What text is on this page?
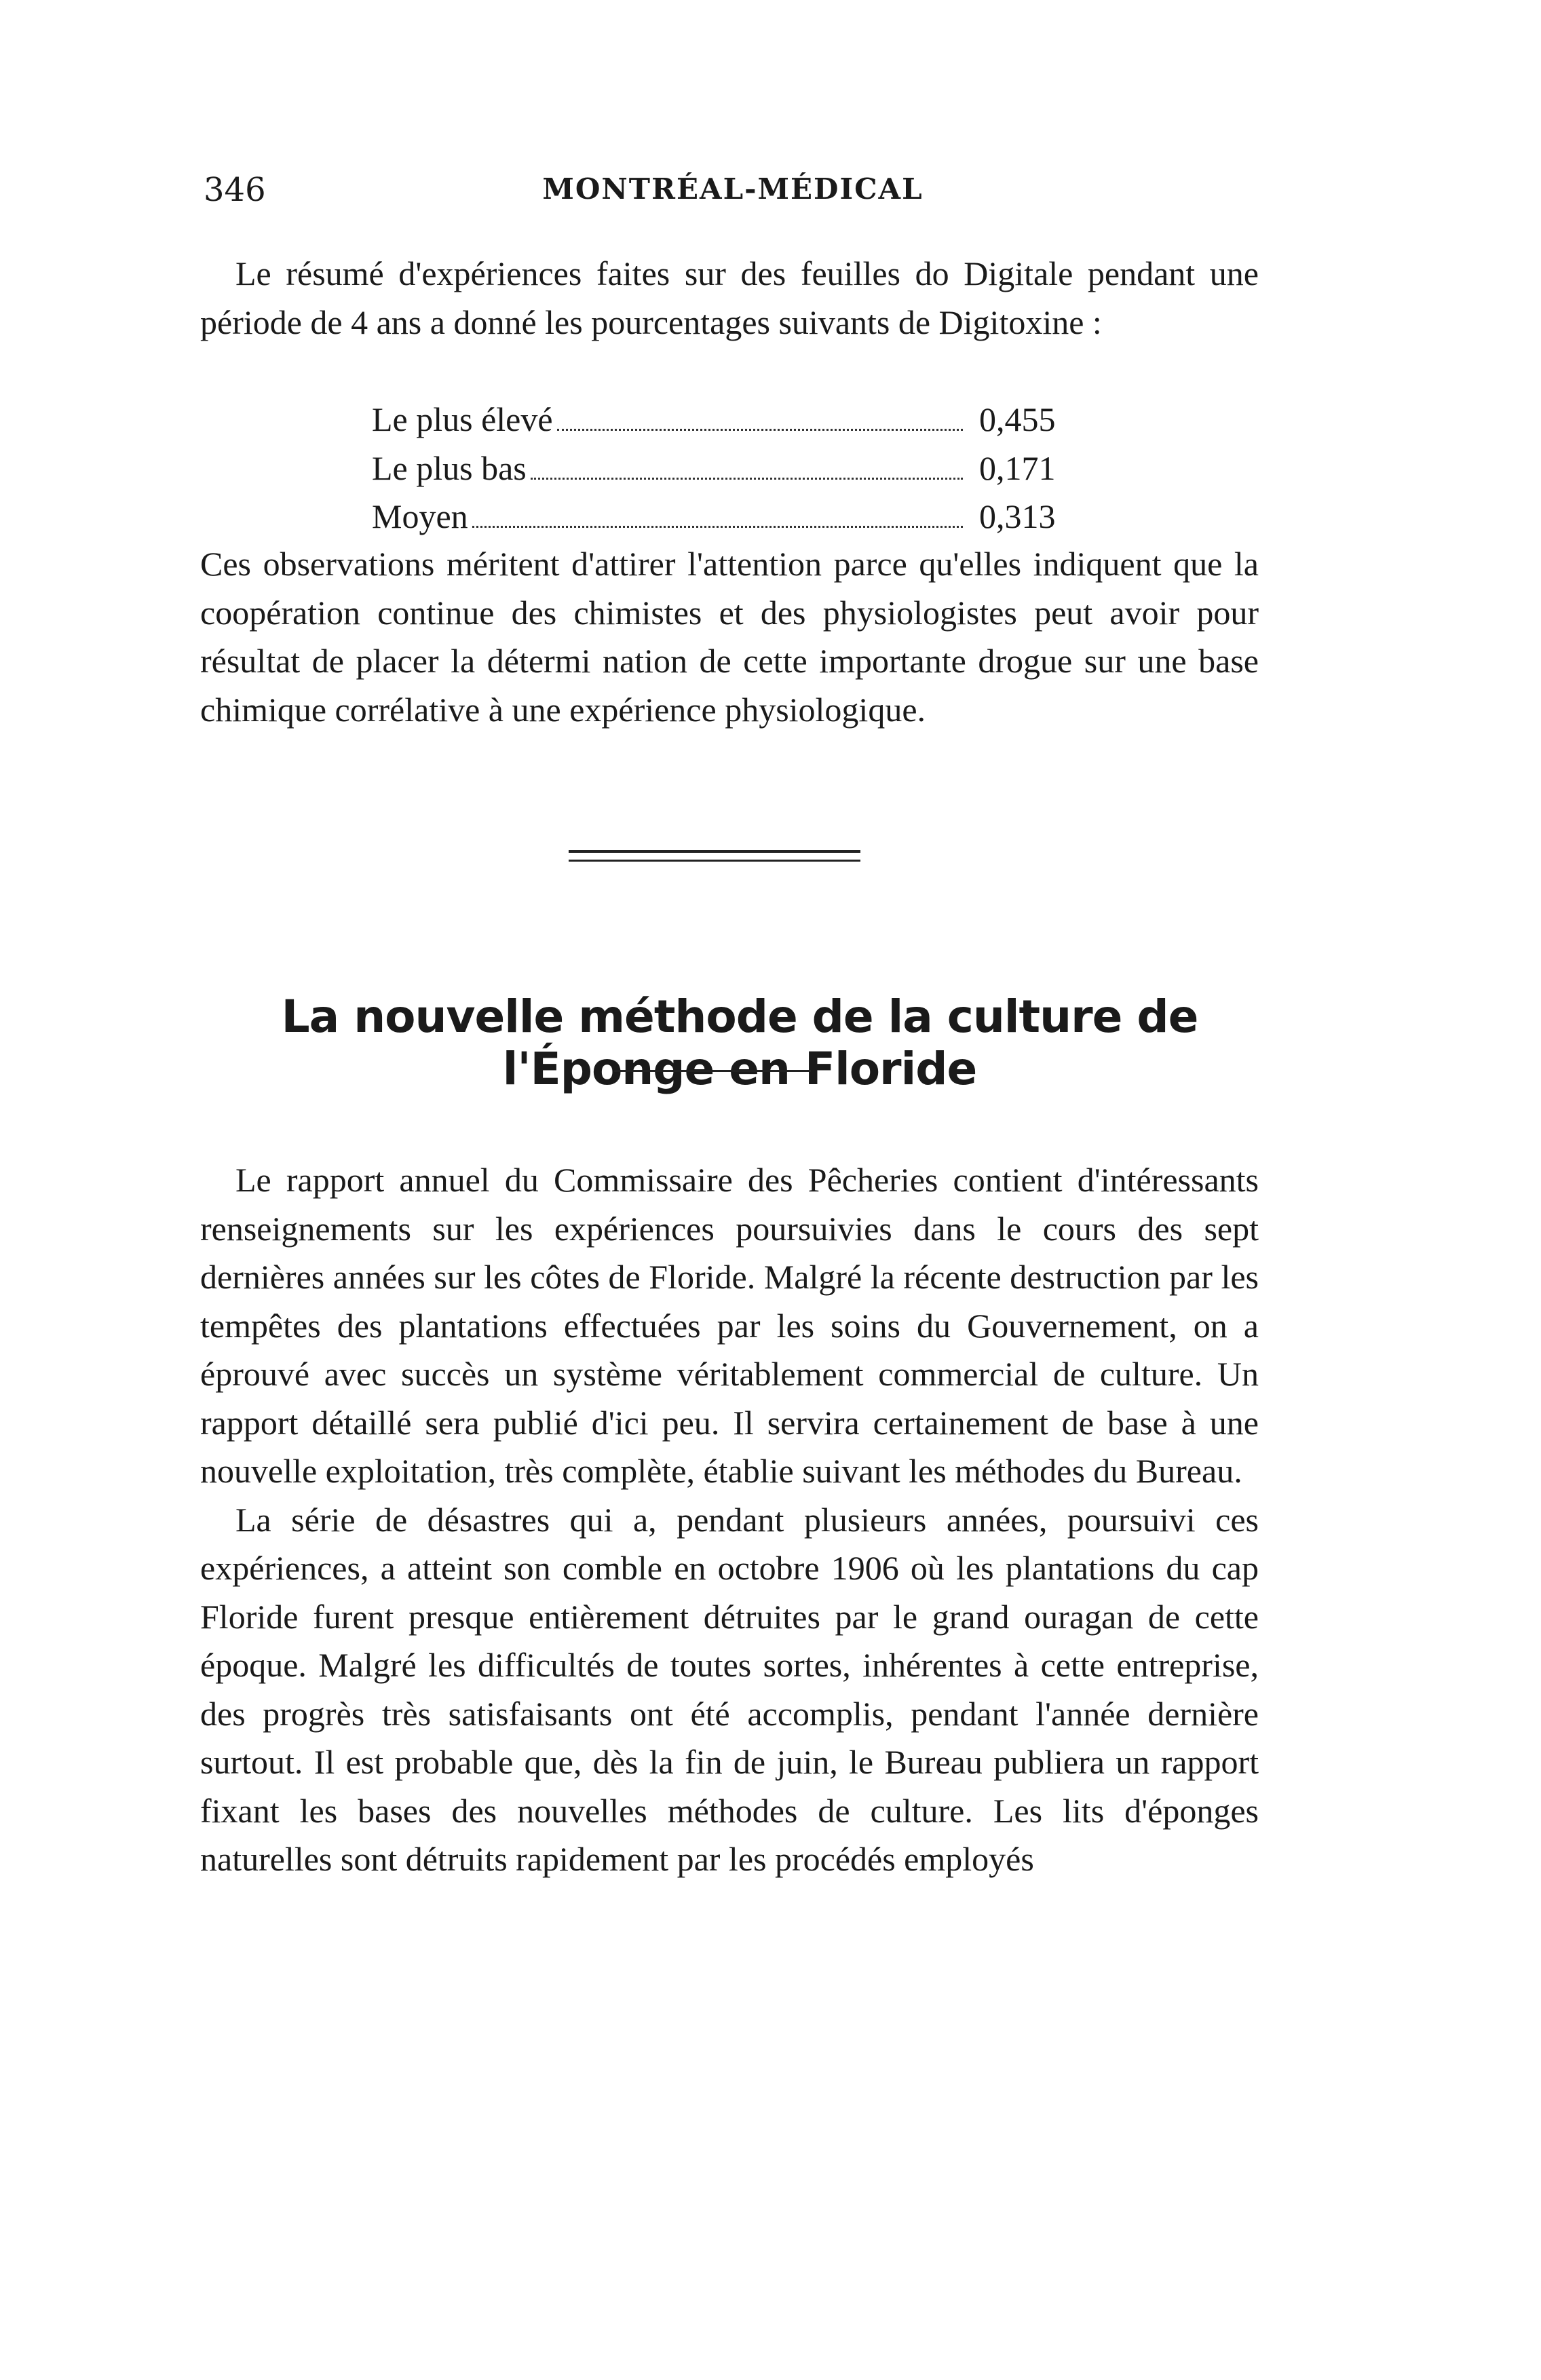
346	MONTRÉAL-MÉDICAL

Le résumé d'expériences faites sur des feuilles do Digitale pendant une période de 4 ans a donné les pourcentages suivants de Digitoxine :

Le plus élevé	0,455
Le plus bas	0,171
Moyen	0,313

Ces observations méritent d'attirer l'attention parce qu'elles indiquent que la coopération continue des chimistes et des physiologistes peut avoir pour résultat de placer la détermi nation de cette importante drogue sur une base chimique corrélative à une expérience physiologique.

La nouvelle méthode de la culture de l'Éponge en Floride

Le rapport annuel du Commissaire des Pêcheries contient d'intéressants renseignements sur les expériences poursuivies dans le cours des sept dernières années sur les côtes de Floride. Malgré la récente destruction par les tempêtes des plantations effectuées par les soins du Gouvernement, on a éprouvé avec succès un système véritablement commercial de culture. Un rapport détaillé sera publié d'ici peu. Il servira certainement de base à une nouvelle exploitation, très complète, établie suivant les méthodes du Bureau.

La série de désastres qui a, pendant plusieurs années, poursuivi ces expériences, a atteint son comble en octobre 1906 où les plantations du cap Floride furent presque entièrement détruites par le grand ouragan de cette époque. Malgré les difficultés de toutes sortes, inhérentes à cette entreprise, des progrès très satisfaisants ont été accomplis, pendant l'année dernière surtout. Il est probable que, dès la fin de juin, le Bureau publiera un rapport fixant les bases des nouvelles méthodes de culture. Les lits d'éponges naturelles sont détruits rapidement par les procédés employés
